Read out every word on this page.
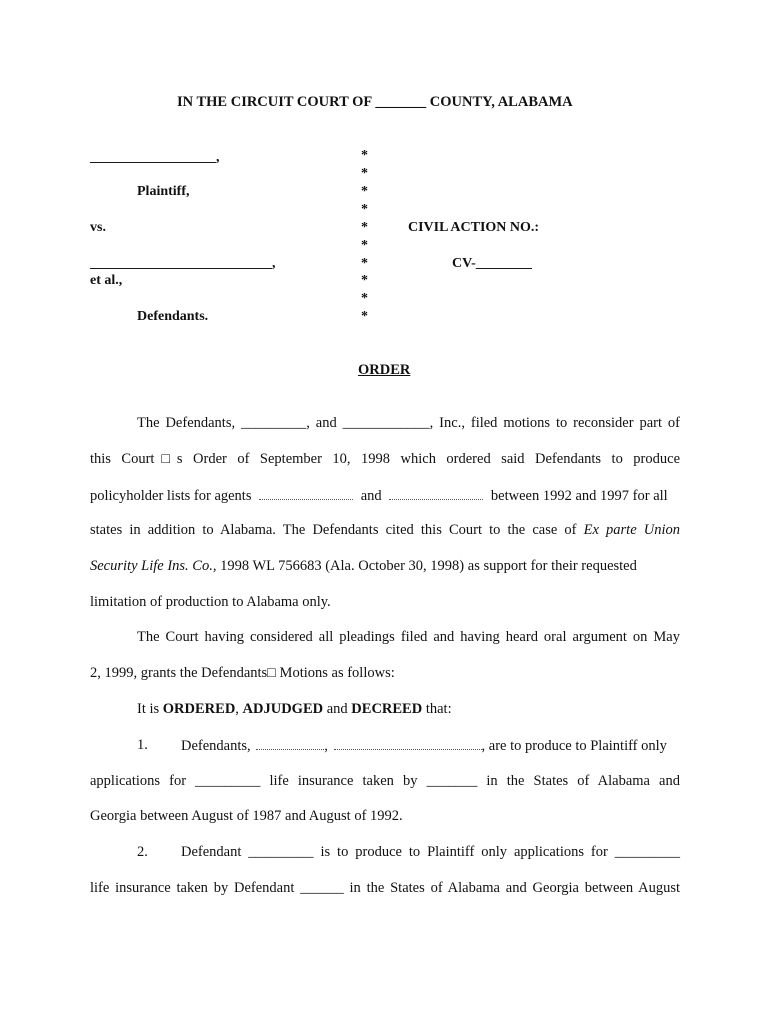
IN THE CIRCUIT COURT OF _______ COUNTY, ALABAMA
__________________,
Plaintiff,
vs.
__________________________,
et al.,
Defendants.
*
*
*
*
*
*
*
*
*
*
CIVIL ACTION NO.:
CV-________
ORDER
The Defendants, _________, and ____________, Inc., filed motions to reconsider part of
this Court□s Order of September 10, 1998 which ordered said Defendants to produce
policyholder lists for agents	and	between 1992 and 1997 for all
states in addition to Alabama. The Defendants cited this Court to the case of Ex parte Union
Security Life Ins. Co., 1998 WL 756683 (Ala. October 30, 1998) as support for their requested
limitation of production to Alabama only.
The Court having considered all pleadings filed and having heard oral argument on May
2, 1999, grants the Defendants□ Motions as follows:
It is ORDERED, ADJUDGED and DECREED that:
1. Defendants,	,	, are to produce to Plaintiff only
applications for _________ life insurance taken by _______ in the States of Alabama and
Georgia between August of 1987 and August of 1992.
2. Defendant _________ is to produce to Plaintiff only applications for _________
life insurance taken by Defendant ______ in the States of Alabama and Georgia between August
